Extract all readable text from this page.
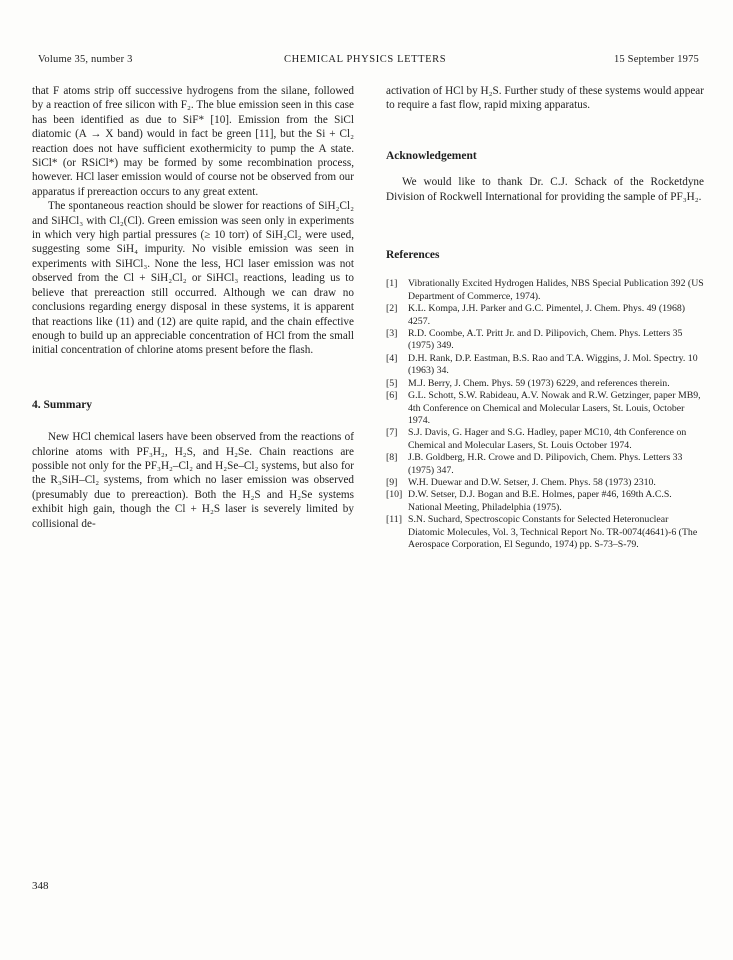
Volume 35, number 3	CHEMICAL PHYSICS LETTERS	15 September 1975

that F atoms strip off successive hydrogens from the silane, followed by a reaction of free silicon with F₂. The blue emission seen in this case has been identified as due to SiF* [10]. Emission from the SiCl diatomic (A → X band) would in fact be green [11], but the Si + Cl₂ reaction does not have sufficient exothermicity to pump the A state. SiCl* (or RSiCl*) may be formed by some recombination process, however. HCl laser emission would of course not be observed from our apparatus if prereaction occurs to any great extent.

The spontaneous reaction should be slower for reactions of SiH₂Cl₂ and SiHCl₃ with Cl₂(Cl). Green emission was seen only in experiments in which very high partial pressures (≥ 10 torr) of SiH₂Cl₂ were used, suggesting some SiH₄ impurity. No visible emission was seen in experiments with SiHCl₃. None the less, HCl laser emission was not observed from the Cl + SiH₂Cl₂ or SiHCl₃ reactions, leading us to believe that prereaction still occurred. Although we can draw no conclusions regarding energy disposal in these systems, it is apparent that reactions like (11) and (12) are quite rapid, and the chain effective enough to build up an appreciable concentration of HCl from the small initial concentration of chlorine atoms present before the flash.

4. Summary

New HCl chemical lasers have been observed from the reactions of chlorine atoms with PF₃H₂, H₂S, and H₂Se. Chain reactions are possible not only for the PF₃H₂–Cl₂ and H₂Se–Cl₂ systems, but also for the R₃SiH–Cl₂ systems, from which no laser emission was observed (presumably due to prereaction). Both the H₂S and H₂Se systems exhibit high gain, though the Cl + H₂S laser is severely limited by collisional de-

activation of HCl by H₂S. Further study of these systems would appear to require a fast flow, rapid mixing apparatus.

Acknowledgement

We would like to thank Dr. C.J. Schack of the Rocketdyne Division of Rockwell International for providing the sample of PF₃H₂.

References
[1] Vibrationally Excited Hydrogen Halides, NBS Special Publication 392 (US Department of Commerce, 1974).
[2] K.L. Kompa, J.H. Parker and G.C. Pimentel, J. Chem. Phys. 49 (1968) 4257.
[3] R.D. Coombe, A.T. Pritt Jr. and D. Pilipovich, Chem. Phys. Letters 35 (1975) 349.
[4] D.H. Rank, D.P. Eastman, B.S. Rao and T.A. Wiggins, J. Mol. Spectry. 10 (1963) 34.
[5] M.J. Berry, J. Chem. Phys. 59 (1973) 6229, and references therein.
[6] G.L. Schott, S.W. Rabideau, A.V. Nowak and R.W. Getzinger, paper MB9, 4th Conference on Chemical and Molecular Lasers, St. Louis, October 1974.
[7] S.J. Davis, G. Hager and S.G. Hadley, paper MC10, 4th Conference on Chemical and Molecular Lasers, St. Louis October 1974.
[8] J.B. Goldberg, H.R. Crowe and D. Pilipovich, Chem. Phys. Letters 33 (1975) 347.
[9] W.H. Duewar and D.W. Setser, J. Chem. Phys. 58 (1973) 2310.
[10] D.W. Setser, D.J. Bogan and B.E. Holmes, paper #46, 169th A.C.S. National Meeting, Philadelphia (1975).
[11] S.N. Suchard, Spectroscopic Constants for Selected Heteronuclear Diatomic Molecules, Vol. 3, Technical Report No. TR-0074(4641)-6 (The Aerospace Corporation, El Segundo, 1974) pp. S-73–S-79.
348
